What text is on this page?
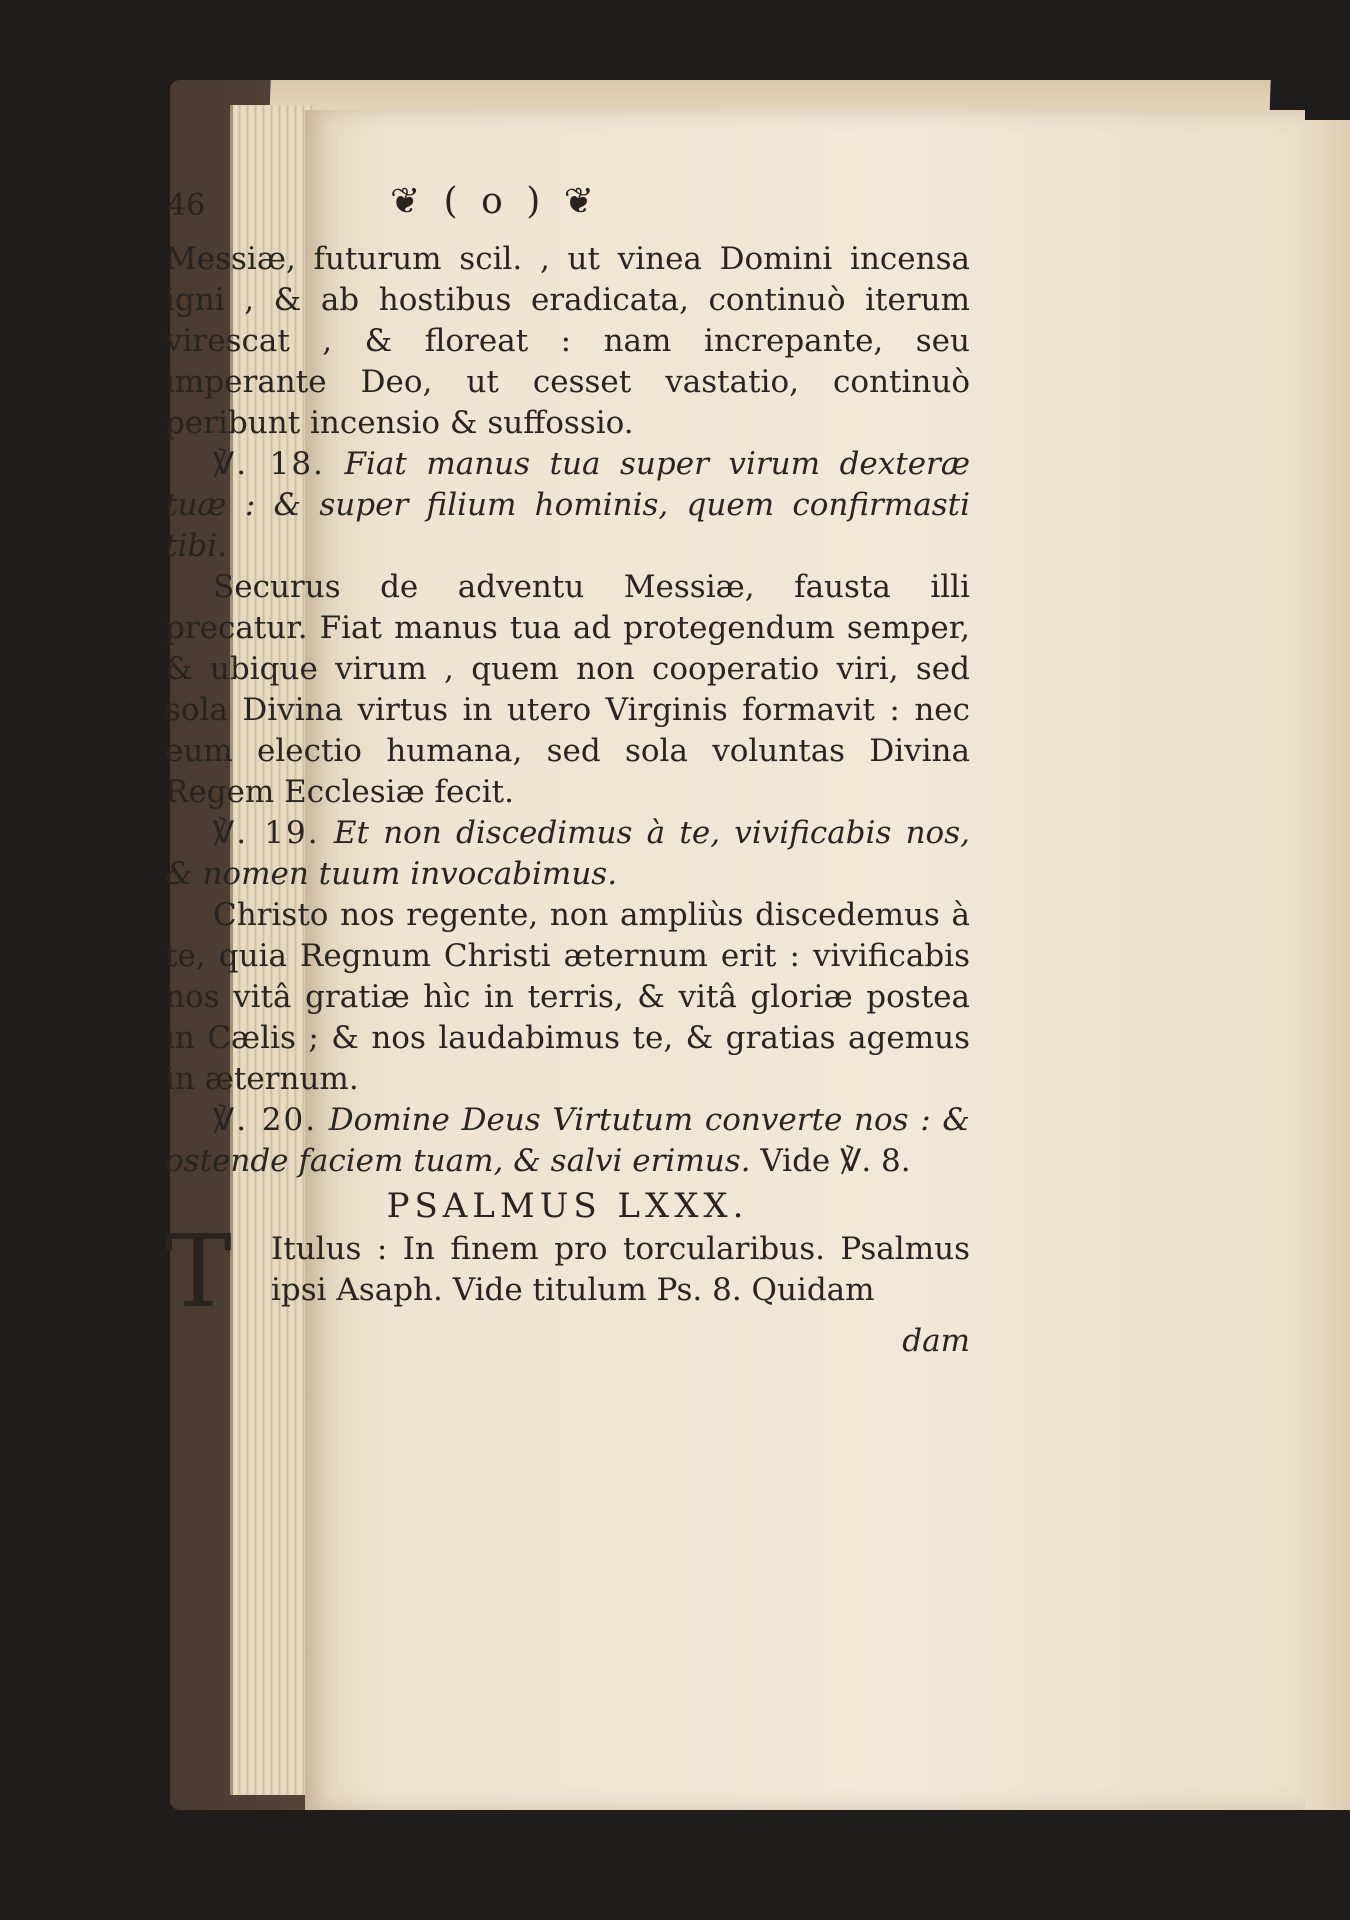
46	❦ ( o ) ❦

Messiæ, futurum scil. , ut vinea Domini incensa igni , & ab hostibus eradicata, continuò iterum virescat , & floreat : nam increpante, seu imperante Deo, ut cesset vastatio, continuò peribunt incensio & suffossio.

℣. 18. Fiat manus tua super virum dexteræ tuæ : & super filium hominis, quem confirmasti tibi.

Securus de adventu Messiæ, fausta illi precatur. Fiat manus tua ad protegendum semper, & ubique virum , quem non cooperatio viri, sed sola Divina virtus in utero Virginis formavit : nec eum electio humana, sed sola voluntas Divina Regem Ecclesiæ fecit.

℣. 19. Et non discedimus à te, vivificabis nos, & nomen tuum invocabimus.

Christo nos regente, non ampliùs discedemus à te, quia Regnum Christi æternum erit : vivificabis nos vitâ gratiæ hìc in terris, & vitâ gloriæ postea in Cælis ; & nos laudabimus te, & gratias agemus in æternum.

℣. 20. Domine Deus Virtutum converte nos : & ostende faciem tuam, & salvi erimus. Vide ℣. 8.

PSALMUS LXXX.
T Itulus : In finem pro torcularibus. Psalmus ipsi Asaph. Vide titulum Ps. 8. Quidam

dam
